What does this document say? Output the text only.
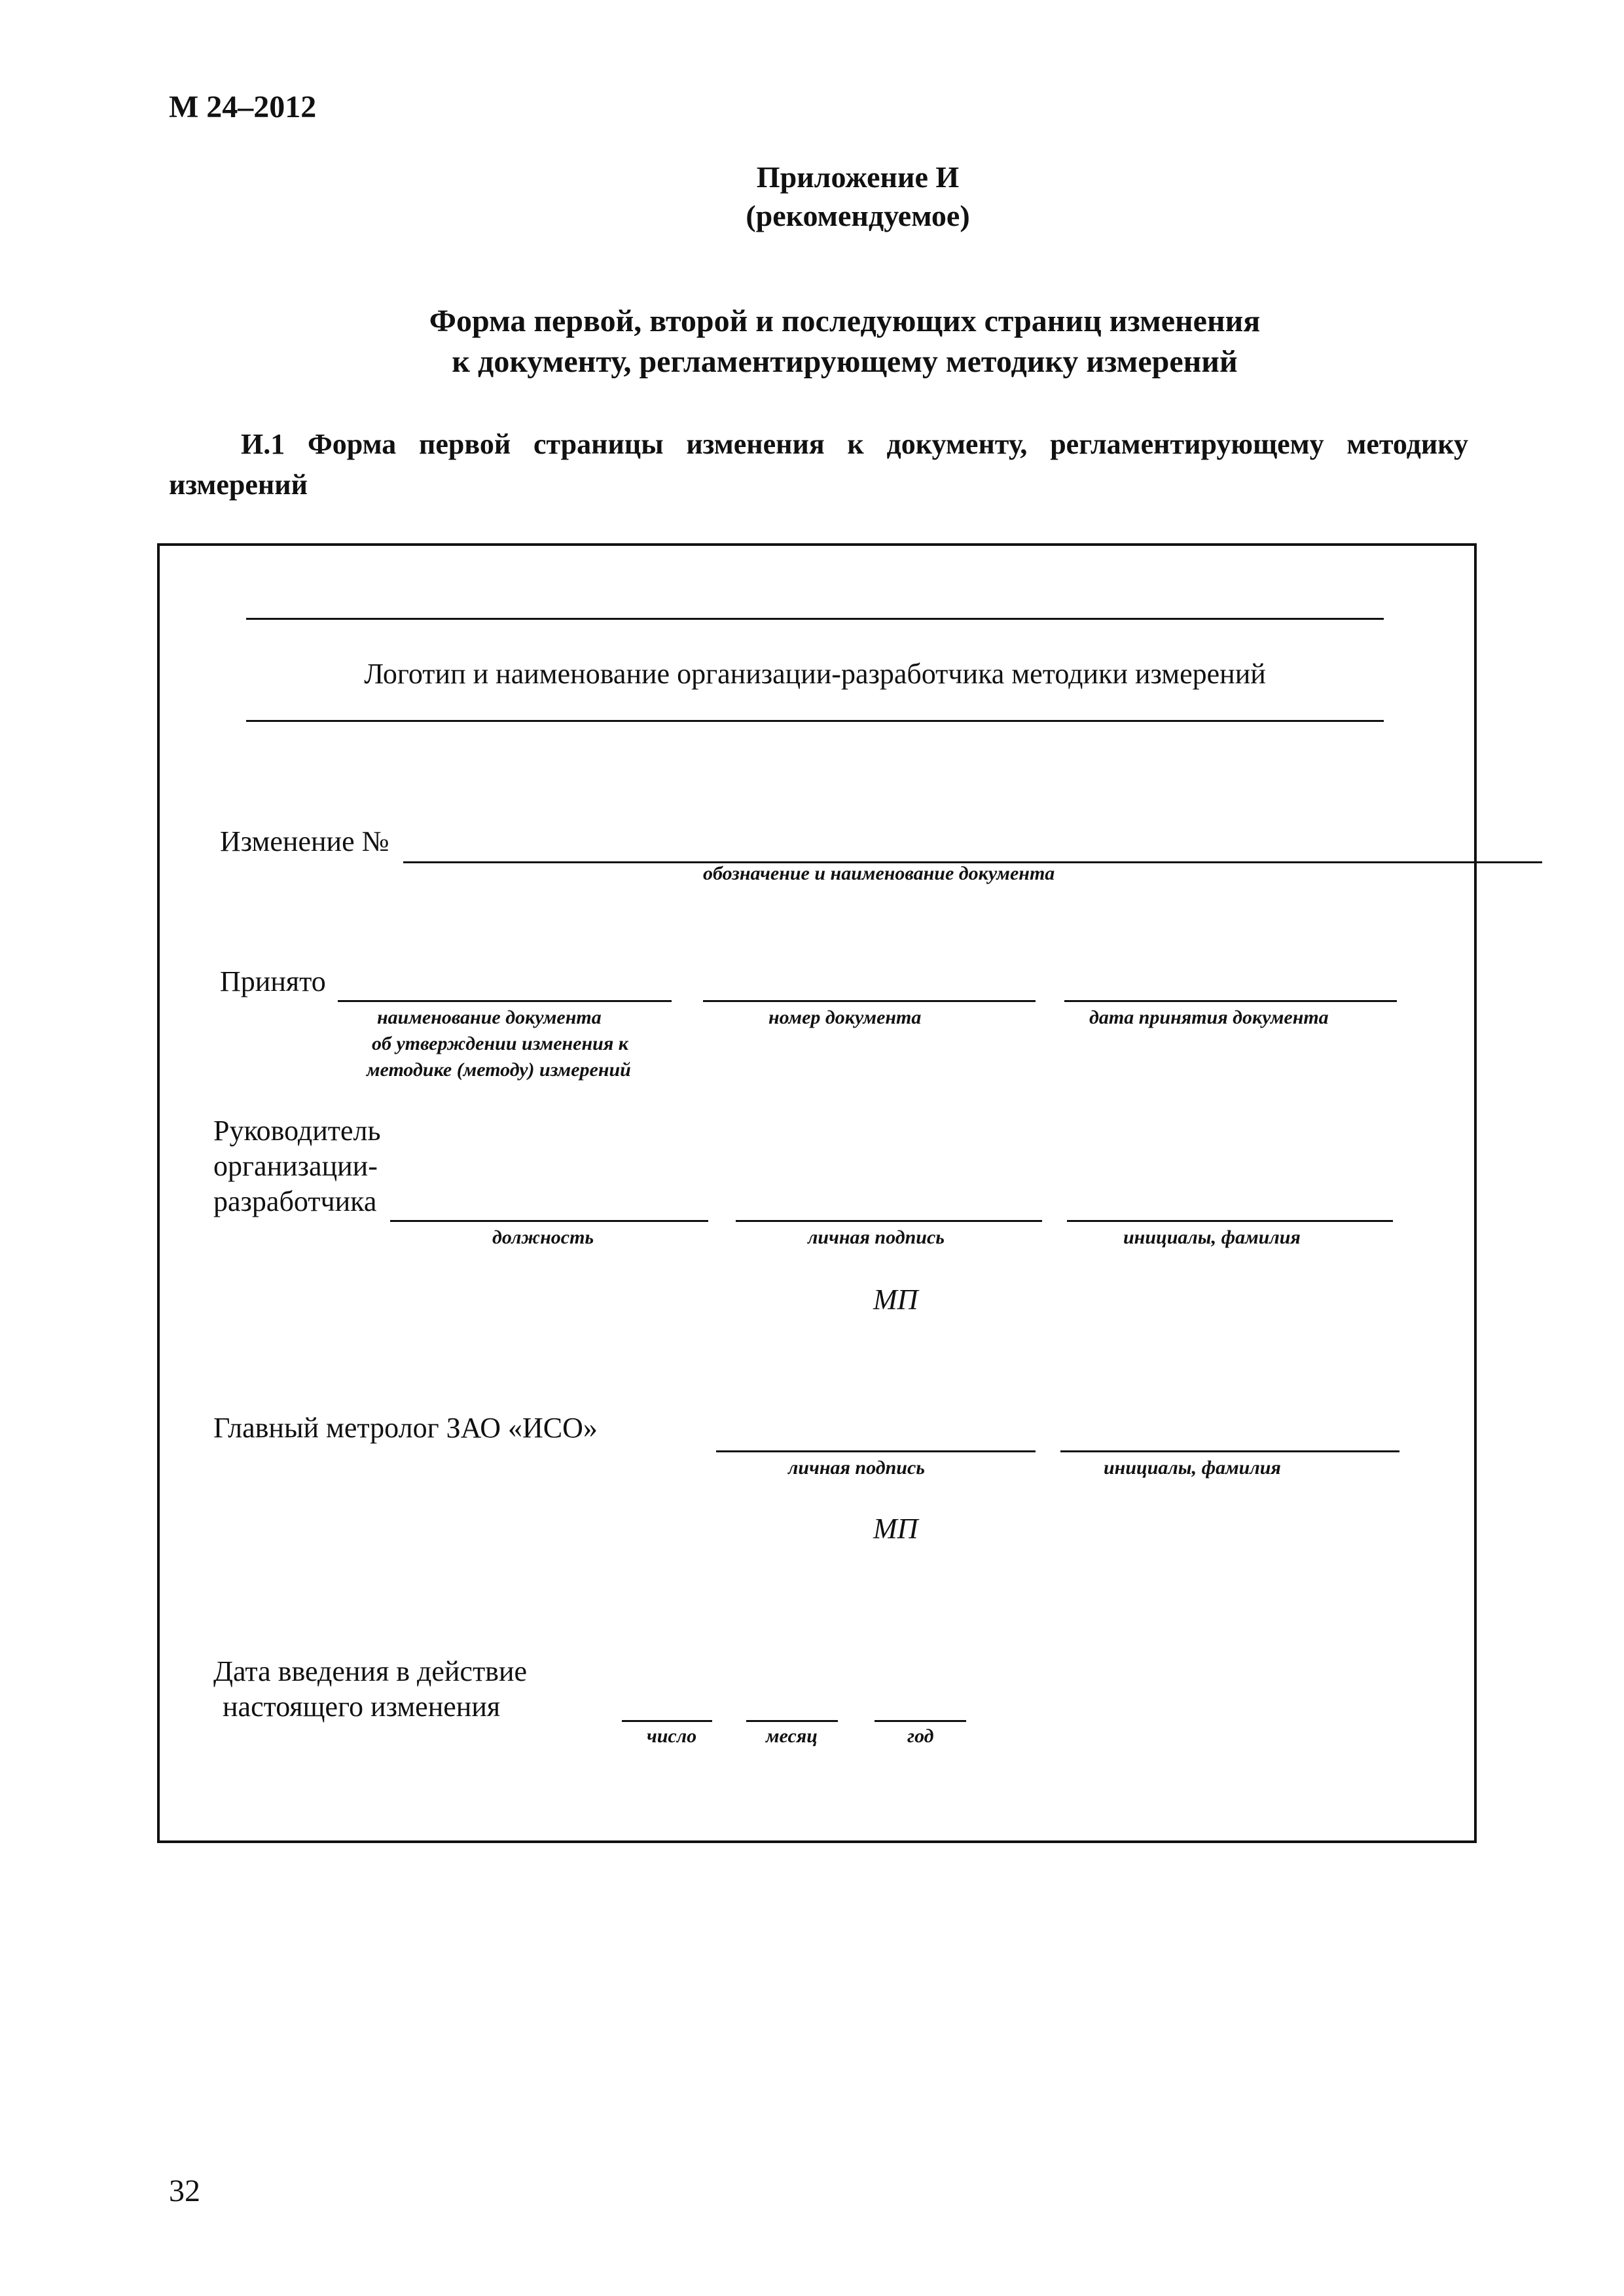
М 24–2012
Приложение И
(рекомендуемое)
Форма первой, второй и последующих страниц изменения
к документу, регламентирующему методику измерений
И.1 Форма первой страницы изменения к документу, регламентирующему методику измерений
Логотип и наименование организации-разработчика методики измерений
Изменение №
обозначение и наименование документа
Принято
наименование документа
об утверждении изменения к
методике (методу) измерений
номер документа	дата принятия документа
Руководитель
организации-
разработчика
должность	личная подпись	инициалы, фамилия
МП
Главный метролог ЗАО «ИСО»
личная подпись	инициалы, фамилия
МП
Дата введения в действие
настоящего изменения
число	месяц	год
32
